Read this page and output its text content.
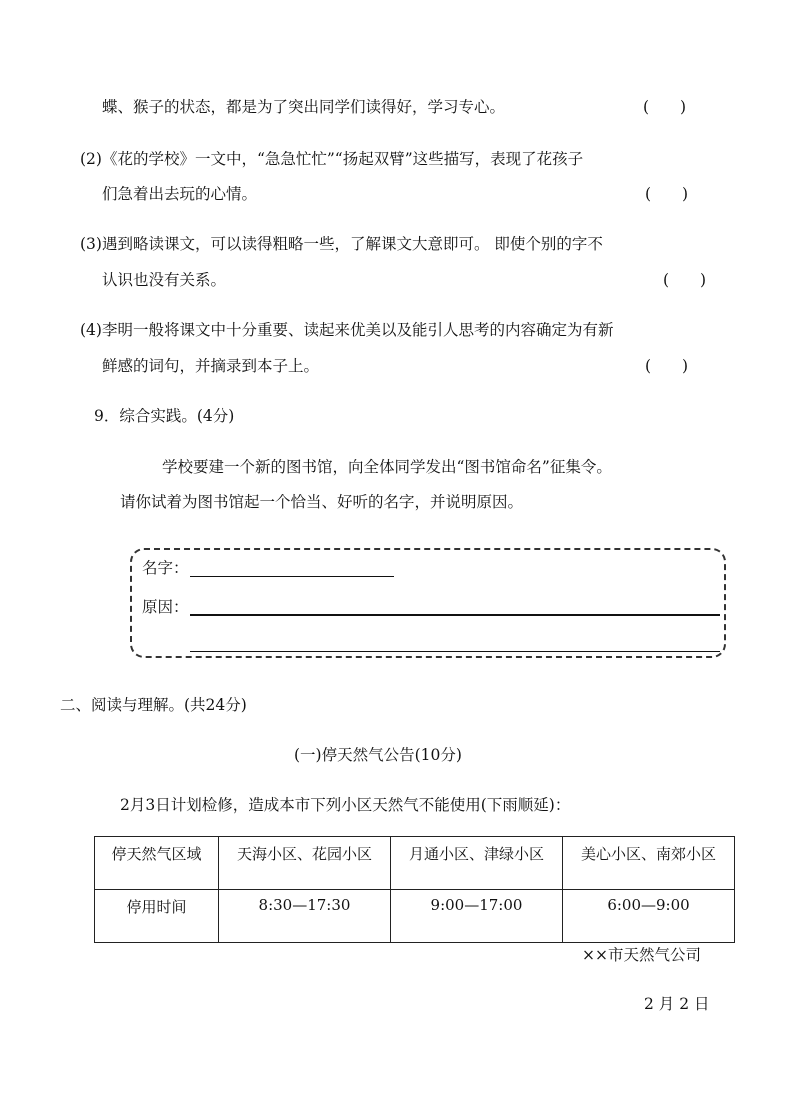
蝶、猴子的状态，都是为了突出同学们读得好，学习专心。	(　　)
(2)《花的学校》一文中，“急急忙忙”“扬起双臂”这些描写，表现了花孩子
们急着出去玩的心情。	(　　)
(3)遇到略读课文，可以读得粗略一些，了解课文大意即可。 即使个别的字不
认识也没有关系。	(　　)
(4)李明一般将课文中十分重要、读起来优美以及能引人思考的内容确定为有新
鲜感的词句，并摘录到本子上。	(　　)
9．综合实践。(4分)
学校要建一个新的图书馆，向全体同学发出“图书馆命名”征集令。
请你试着为图书馆起一个恰当、好听的名字，并说明原因。
名字：
原因：
二、阅读与理解。(共24分)
(一)停天然气公告(10分)
2月3日计划检修，造成本市下列小区天然气不能使用(下雨顺延)：
停天然气区域	天海小区、花园小区	月通小区、津绿小区	美心小区、南郊小区
停用时间	8:30—17:30	9:00—17:00	6:00—9:00
××市天然气公司
2 月 2 日
